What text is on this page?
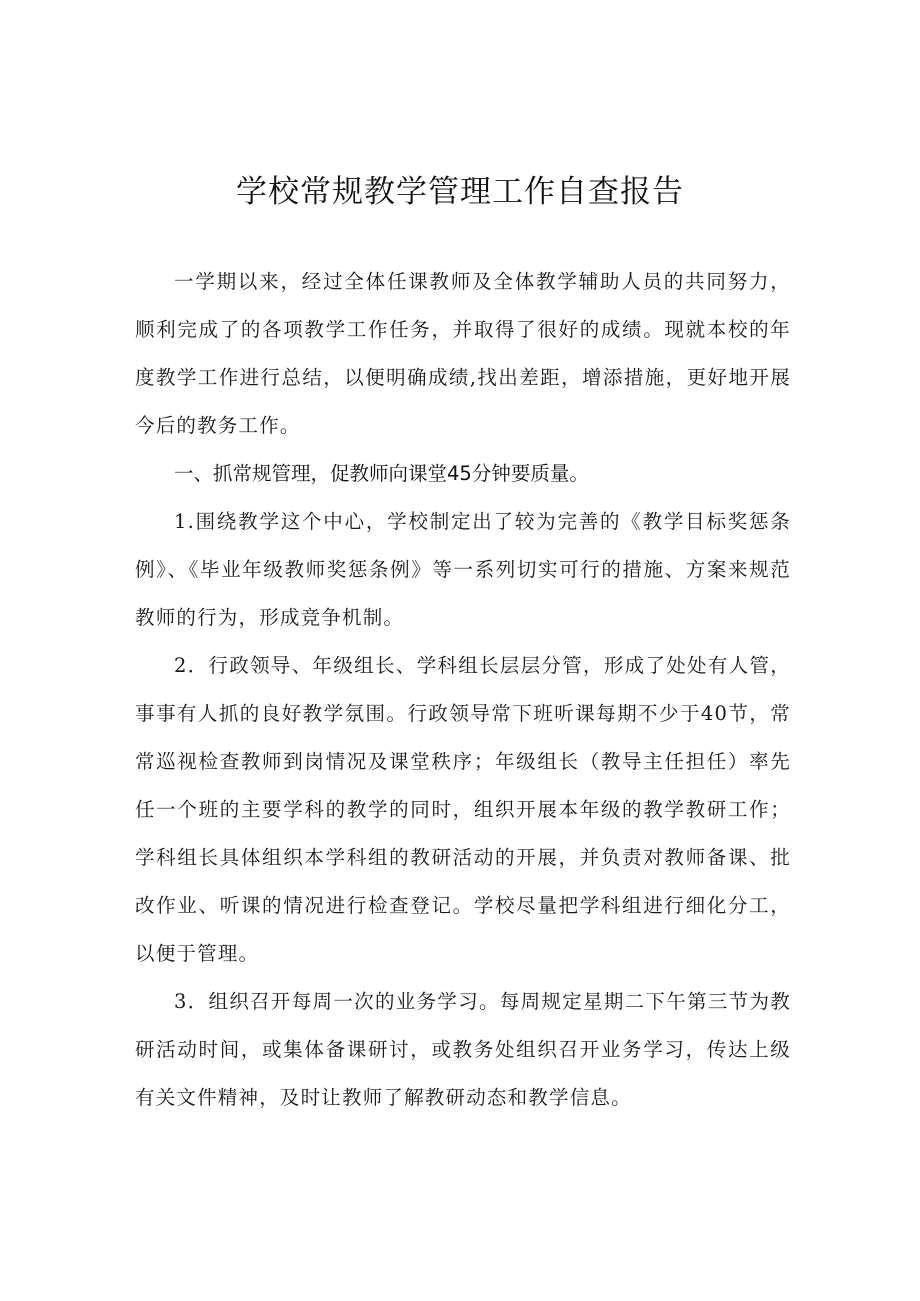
学校常规教学管理工作自查报告

一学期以来，经过全体任课教师及全体教学辅助人员的共同努力，顺利完成了的各项教学工作任务，并取得了很好的成绩。现就本校的年度教学工作进行总结，以便明确成绩,找出差距，增添措施，更好地开展今后的教务工作。

一、抓常规管理，促教师向课堂45分钟要质量。

1.围绕教学这个中心，学校制定出了较为完善的《教学目标奖惩条例》、《毕业年级教师奖惩条例》等一系列切实可行的措施、方案来规范教师的行为，形成竞争机制。

2．行政领导、年级组长、学科组长层层分管，形成了处处有人管，事事有人抓的良好教学氛围。行政领导常下班听课每期不少于40节，常常巡视检查教师到岗情况及课堂秩序；年级组长（教导主任担任）率先任一个班的主要学科的教学的同时，组织开展本年级的教学教研工作；学科组长具体组织本学科组的教研活动的开展，并负责对教师备课、批改作业、听课的情况进行检查登记。学校尽量把学科组进行细化分工，以便于管理。

3．组织召开每周一次的业务学习。每周规定星期二下午第三节为教研活动时间，或集体备课研讨，或教务处组织召开业务学习，传达上级有关文件精神，及时让教师了解教研动态和教学信息。
